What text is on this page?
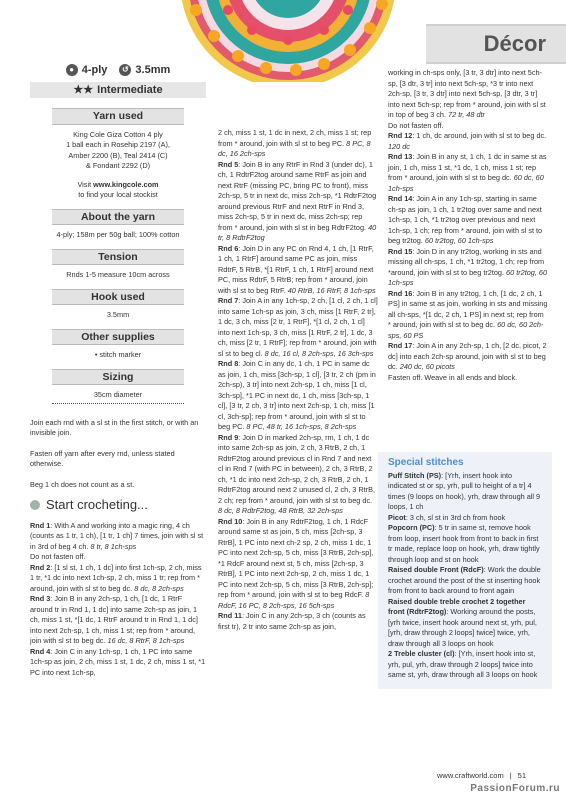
Décor
● 4-ply	↺ 3.5mm
★★ Intermediate
Yarn used
King Cole Giza Cotton 4 ply
1 ball each in Rosehip 2197 (A),
Amber 2200 (B), Teal 2414 (C)
& Fondant 2292 (D)
Visit www.kingcole.com
to find your local stockist
About the yarn
4-ply; 158m per 50g ball; 100% cotton
Tension
Rnds 1-5 measure 10cm across
Hook used
3.5mm
Other supplies
• stitch marker
Sizing
35cm diameter
Join each rnd with a sl st in the first stitch, or with an invisible join.
Fasten off yarn after every rnd, unless stated otherwise.
Beg 1 ch does not count as a st.
Start crocheting...
Rnd 1: With A and working into a magic ring, 4 ch (counts as 1 tr, 1 ch), [1 tr, 1 ch] 7 times, join with sl st in 3rd of beg 4 ch. 8 tr, 8 1ch-sps
Do not fasten off.
Rnd 2: [1 sl st, 1 ch, 1 dc] into first 1ch-sp, 2 ch, miss 1 tr, *1 dc into next 1ch-sp, 2 ch, miss 1 tr; rep from * around, join with sl st to beg dc. 8 dc, 8 2ch-sps
Rnd 3: Join B in any 2ch-sp, 1 ch, [1 dc, 1 RtrF around tr in Rnd 1, 1 dc] into same 2ch-sp as join, 1 ch, miss 1 st, *[1 dc, 1 RtrF around tr in Rnd 1, 1 dc] into next 2ch-sp, 1 ch, miss 1 st; rep from * around, join with sl st to beg dc. 16 dc, 8 RtrF, 8 1ch-sps
Rnd 4: Join C in any 1ch-sp, 1 ch, 1 PC into same 1ch-sp as join, 2 ch, miss 1 st, 1 dc, 2 ch, miss 1 st, *1 PC into next 1ch-sp,
2 ch, miss 1 st, 1 dc in next, 2 ch, miss 1 st; rep from * around, join with sl st to beg PC. 8 PC, 8 dc, 16 2ch-sps
Rnd 5: Join B in any RtrF in Rnd 3 (under dc), 1 ch, 1 RdtrF2tog around same RtrF as join and next RtrF (missing PC, bring PC to front), miss 2ch-sp, 5 tr in next dc, miss 2ch-sp, *1 RdtrF2tog around previous RtrF and next RtrF in Rnd 3, miss 2ch-sp, 5 tr in next dc, miss 2ch-sp; rep from * around, join with sl st in beg RdtrF2tog. 40 tr, 8 RdtrF2tog
Rnd 6: Join D in any PC on Rnd 4, 1 ch, [1 RtrF, 1 ch, 1 RtrF] around same PC as join, miss RdtrF, 5 RtrB, *[1 RtrF, 1 ch, 1 RtrF] around next PC, miss RdtrF, 5 RtrB; rep from * around, join with sl st to beg RtrF. 40 RtrB, 16 RtrF, 8 1ch-sps
Rnd 7: Join A in any 1ch-sp, 2 ch, [1 cl, 2 ch, 1 cl] into same 1ch-sp as join, 3 ch, miss [1 RtrF, 2 tr], 1 dc, 3 ch, miss [2 tr, 1 RtrF], *[1 cl, 2 ch, 1 cl] into next 1ch-sp, 3 ch, miss [1 RtrF, 2 tr], 1 dc, 3 ch, miss [2 tr, 1 RtrF]; rep from * around, join with sl st to beg cl. 8 dc, 16 cl, 8 2ch-sps, 16 3ch-sps
Rnd 8: Join C in any dc, 1 ch, 1 PC in same dc as join, 1 ch, miss [3ch-sp, 1 cl], [3 tr, 2 ch (pm in 2ch-sp), 3 tr] into next 2ch-sp, 1 ch, miss [1 cl, 3ch-sp], *1 PC in next dc, 1 ch, miss [3ch-sp, 1 cl], [3 tr, 2 ch, 3 tr] into next 2ch-sp, 1 ch, miss [1 cl, 3ch-sp]; rep from * around, join with sl st to beg PC. 8 PC, 48 tr, 16 1ch-sps, 8 2ch-sps
Rnd 9: Join D in marked 2ch-sp, rm, 1 ch, 1 dc into same 2ch-sp as join, 2 ch, 3 RtrB, 2 ch, 1 RdtrF2tog around previous cl in Rnd 7 and next cl in Rnd 7 (with PC in between), 2 ch, 3 RtrB, 2 ch, *1 dc into next 2ch-sp, 2 ch, 3 RtrB, 2 ch, 1 RdtrF2tog around next 2 unused cl, 2 ch, 3 RtrB, 2 ch; rep from * around, join with sl st to beg dc. 8 dc, 8 RdtrF2tog, 48 RtrB, 32 2ch-sps
Rnd 10: Join B in any RdtrF2tog, 1 ch, 1 RdcF around same st as join, 5 ch, miss [2ch-sp, 3 RtrB], 1 PC into next ch-2 sp, 2 ch, miss 1 dc, 1 PC into next 2ch-sp, 5 ch, miss [3 RtrB, 2ch-sp], *1 RdcF around next st, 5 ch, miss [2ch-sp, 3 RtrB], 1 PC into next 2ch-sp, 2 ch, miss 1 dc, 1 PC into next 2ch-sp, 5 ch, miss [3 RtrB, 2ch-sp]; rep from * around, join with sl st to beg RdcF. 8 RdcF, 16 PC, 8 2ch-sps, 16 5ch-sps
Rnd 11: Join C in any 2ch-sp, 3 ch (counts as first tr), 2 tr into same 2ch-sp as join,
working in ch-sps only, [3 tr, 3 dtr] into next 5ch-sp, [3 dtr, 3 tr] into next 5ch-sp, *3 tr into next 2ch-sp, [3 tr, 3 dtr] into next 5ch-sp, [3 dtr, 3 tr] into next 5ch-sp; rep from * around, join with sl st in top of beg 3 ch. 72 tr, 48 dtr
Do not fasten off.
Rnd 12: 1 ch, dc around, join with sl st to beg dc. 120 dc
Rnd 13: Join B in any st, 1 ch, 1 dc in same st as join, 1 ch, miss 1 st, *1 dc, 1 ch, miss 1 st; rep from * around, join with sl st to beg dc. 60 dc, 60 1ch-sps
Rnd 14: Join A in any 1ch-sp, starting in same ch-sp as join, 1 ch, 1 tr2tog over same and next 1ch-sp, 1 ch, *1 tr2tog over previous and next 1ch-sp, 1 ch; rep from * around, join with sl st to beg tr2tog. 60 tr2tog, 60 1ch-sps
Rnd 15: Join D in any tr2tog, working in sts and missing all ch-sps, 1 ch, *1 tr2tog, 1 ch; rep from *around, join with sl st to beg tr2tog. 60 tr2tog, 60 1ch-sps
Rnd 16: Join B in any tr2tog, 1 ch, [1 dc, 2 ch, 1 PS] in same st as join, working in sts and missing all ch-sps, *[1 dc, 2 ch, 1 PS] in next st; rep from * around, join with sl st to beg dc. 60 dc, 60 2ch-sps, 60 PS
Rnd 17: Join A in any 2ch-sp, 1 ch, [2 dc, picot, 2 dc] into each 2ch-sp around, join with sl st to beg dc. 240 dc, 60 picots
Fasten off. Weave in all ends and block.
Special stitches

Puff Stitch (PS): [Yrh, insert hook into indicated st or sp, yrh, pull to height of a tr] 4 times (9 loops on hook), yrh, draw through all 9 loops, 1 ch

Picot: 3 ch, sl st in 3rd ch from hook

Popcorn (PC): 5 tr in same st, remove hook from loop, insert hook from front to back in first tr made, replace loop on hook, yrh, draw tightly through loop and st on hook

Raised double Front (RdcF): Work the double crochet around the post of the st inserting hook from front to back around to front again

Raised double treble crochet 2 together front (RdtrF2tog): Working around the posts, [yrh twice, insert hook around next st, yrh, pul, [yrh, draw through 2 loops] twice] twice, yrh, draw through all 3 loops on hook

2 Treble cluster (cl): [Yrh, insert hook into st, yrh, pul, yrh, draw through 2 loops] twice into same st, yrh, draw through all 3 loops on hook

www.craftworld.com | 51
PassionForum.ru
